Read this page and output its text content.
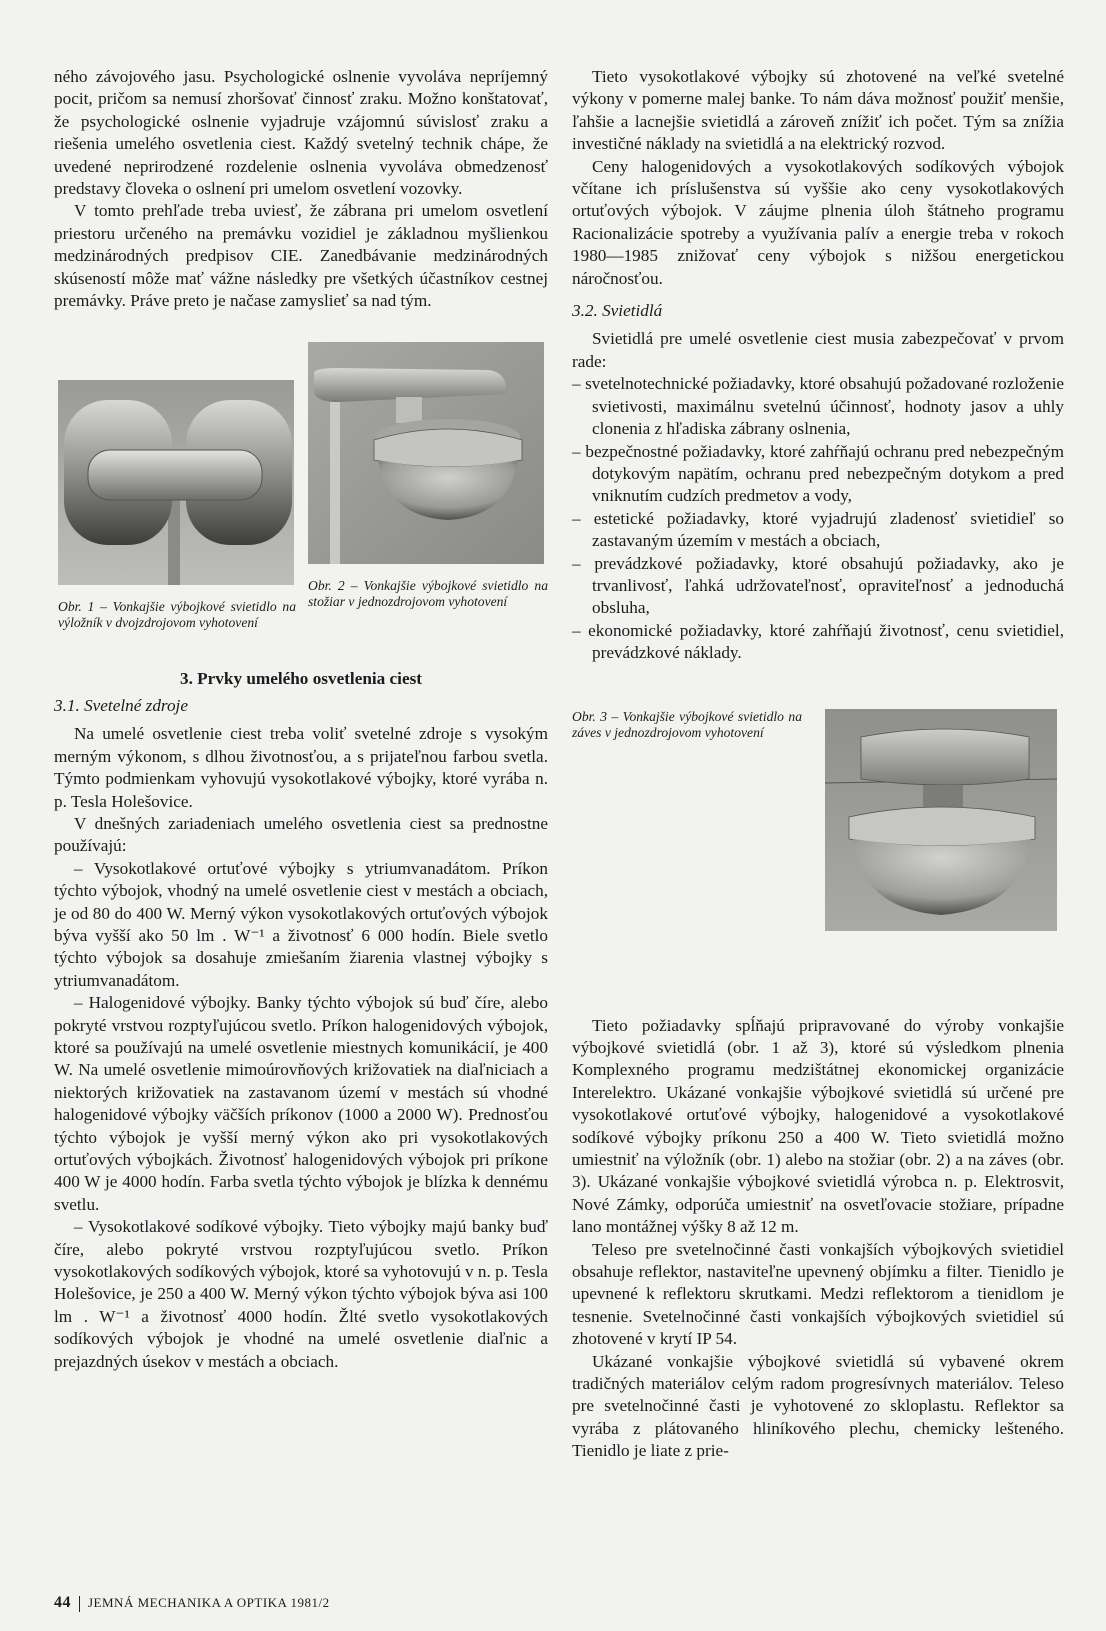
ného závojového jasu. Psychologické oslnenie vyvoláva nepríjemný pocit, pričom sa nemusí zhoršovať činnosť zraku. Možno konštatovať, že psychologické oslnenie vyjadruje vzájomnú súvislosť zraku a riešenia umelého osvetlenia ciest. Každý svetelný technik chápe, že uvedené neprirodzené rozdelenie oslnenia vyvoláva obmedzenosť predstavy človeka o oslnení pri umelom osvetlení vozovky.

V tomto prehľade treba uviesť, že zábrana pri umelom osvetlení priestoru určeného na premávku vozidiel je základnou myšlienkou medzinárodných predpisov CIE. Zanedbávanie medzinárodných skúseností môže mať vážne následky pre všetkých účastníkov cestnej premávky. Práve preto je načase zamyslieť sa nad tým.

Obr. 1 – Vonkajšie výbojkové svietidlo na výložník v dvojzdrojovom vyhotovení
Obr. 2 – Vonkajšie výbojkové svietidlo na stožiar v jednozdrojovom vyhotovení

3. Prvky umelého osvetlenia ciest

3.1. Svetelné zdroje

Na umelé osvetlenie ciest treba voliť svetelné zdroje s vysokým merným výkonom, s dlhou životnosťou, a s prijateľnou farbou svetla. Týmto podmienkam vyhovujú vysokotlakové výbojky, ktoré vyrába n. p. Tesla Holešovice.

V dnešných zariadeniach umelého osvetlenia ciest sa prednostne používajú:

– Vysokotlakové ortuťové výbojky s ytriumvanadátom. Príkon týchto výbojok, vhodný na umelé osvetlenie ciest v mestách a obciach, je od 80 do 400 W. Merný výkon vysokotlakových ortuťových výbojok býva vyšší ako 50 lm . W⁻¹ a životnosť 6 000 hodín. Biele svetlo týchto výbojok sa dosahuje zmiešaním žiarenia vlastnej výbojky s ytriumvanadátom.

– Halogenidové výbojky. Banky týchto výbojok sú buď číre, alebo pokryté vrstvou rozptyľujúcou svetlo. Príkon halogenidových výbojok, ktoré sa používajú na umelé osvetlenie miestnych komunikácií, je 400 W. Na umelé osvetlenie mimoúrovňových križovatiek na diaľniciach a niektorých križovatiek na zastavanom území v mestách sú vhodné halogenidové výbojky väčších príkonov (1000 a 2000 W). Prednosťou týchto výbojok je vyšší merný výkon ako pri vysokotlakových ortuťových výbojkách. Životnosť halogenidových výbojok pri príkone 400 W je 4000 hodín. Farba svetla týchto výbojok je blízka k dennému svetlu.

– Vysokotlakové sodíkové výbojky. Tieto výbojky majú banky buď číre, alebo pokryté vrstvou rozptyľujúcou svetlo. Príkon vysokotlakových sodíkových výbojok, ktoré sa vyhotovujú v n. p. Tesla Holešovice, je 250 a 400 W. Merný výkon týchto výbojok býva asi 100 lm . W⁻¹ a životnosť 4000 hodín. Žlté svetlo vysokotlakových sodíkových výbojok je vhodné na umelé osvetlenie diaľnic a prejazdných úsekov v mestách a obciach.

Tieto vysokotlakové výbojky sú zhotovené na veľké svetelné výkony v pomerne malej banke. To nám dáva možnosť použiť menšie, ľahšie a lacnejšie svietidlá a zároveň znížiť ich počet. Tým sa znížia investičné náklady na svietidlá a na elektrický rozvod.

Ceny halogenidových a vysokotlakových sodíkových výbojok včítane ich príslušenstva sú vyššie ako ceny vysokotlakových ortuťových výbojok. V záujme plnenia úloh štátneho programu Racionalizácie spotreby a využívania palív a energie treba v rokoch 1980—1985 znižovať ceny výbojok s nižšou energetickou náročnosťou.

3.2. Svietidlá

Svietidlá pre umelé osvetlenie ciest musia zabezpečovať v prvom rade:

– svetelnotechnické požiadavky, ktoré obsahujú požadované rozloženie svietivosti, maximálnu svetelnú účinnosť, hodnoty jasov a uhly clonenia z hľadiska zábrany oslnenia,

– bezpečnostné požiadavky, ktoré zahŕňajú ochranu pred nebezpečným dotykovým napätím, ochranu pred nebezpečným dotykom a pred vniknutím cudzích predmetov a vody,

– estetické požiadavky, ktoré vyjadrujú zladenosť svietidieľ so zastavaným územím v mestách a obciach,

– prevádzkové požiadavky, ktoré obsahujú požiadavky, ako je trvanlivosť, ľahká udržovateľnosť, opraviteľnosť a jednoduchá obsluha,

– ekonomické požiadavky, ktoré zahŕňajú životnosť, cenu svietidiel, prevádzkové náklady.

Obr. 3 – Vonkajšie výbojkové svietidlo na záves v jednozdrojovom vyhotovení

Tieto požiadavky spĺňajú pripravované do výroby vonkajšie výbojkové svietidlá (obr. 1 až 3), ktoré sú výsledkom plnenia Komplexného programu medzištátnej ekonomickej organizácie Interelektro. Ukázané vonkajšie výbojkové svietidlá sú určené pre vysokotlakové ortuťové výbojky, halogenidové a vysokotlakové sodíkové výbojky príkonu 250 a 400 W. Tieto svietidlá možno umiestniť na výložník (obr. 1) alebo na stožiar (obr. 2) a na záves (obr. 3). Ukázané vonkajšie výbojkové svietidlá výrobca n. p. Elektrosvit, Nové Zámky, odporúča umiestniť na osvetľovacie stožiare, prípadne lano montážnej výšky 8 až 12 m.

Teleso pre svetelnočinné časti vonkajších výbojkových svietidiel obsahuje reflektor, nastaviteľne upevnený objímku a filter. Tienidlo je upevnené k reflektoru skrutkami. Medzi reflektorom a tienidlom je tesnenie. Svetelnočinné časti vonkajších výbojkových svietidiel sú zhotovené v krytí IP 54.

Ukázané vonkajšie výbojkové svietidlá sú vybavené okrem tradičných materiálov celým radom progresívnych materiálov. Teleso pre svetelnočinné časti je vyhotovené zo skloplastu. Reflektor sa vyrába z plátovaného hliníkového plechu, chemicky lešteného. Tienidlo je liate z prie-

44 JEMNÁ MECHANIKA A OPTIKA 1981/2
